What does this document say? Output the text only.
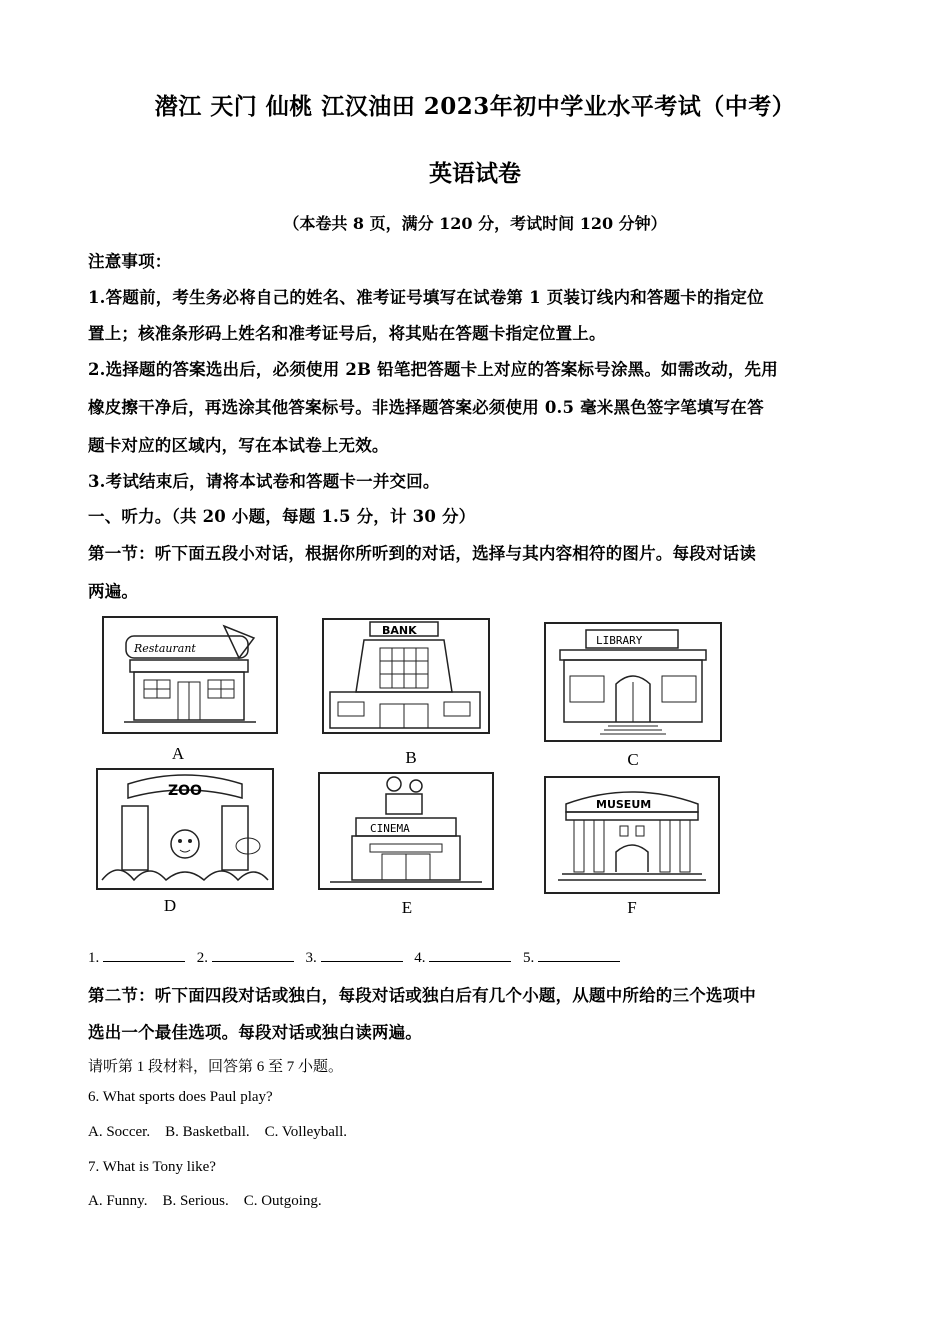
潜江 天门 仙桃 江汉油田 2023年初中学业水平考试（中考）
英语试卷
（本卷共 8 页，满分 120 分，考试时间 120 分钟）
注意事项：
1.答题前，考生务必将自己的姓名、准考证号填写在试卷第 1 页装订线内和答题卡的指定位
置上；核准条形码上姓名和准考证号后，将其贴在答题卡指定位置上。
2.选择题的答案选出后，必须使用 2B 铅笔把答题卡上对应的答案标号涂黑。如需改动，先用
橡皮擦干净后，再选涂其他答案标号。非选择题答案必须使用 0.5 毫米黑色签字笔填写在答
题卡对应的区域内，写在本试卷上无效。
3.考试结束后，请将本试卷和答题卡一并交回。
一、听力。（共 20 小题，每题 1.5 分，计 30 分）
第一节：听下面五段小对话，根据你所听到的对话，选择与其内容相符的图片。每段对话读
两遍。
Restaurant
A
BANK
B
LIBRARY
C
ZOO
D
CINEMA
E
MUSEUM
F
1.	2.	3.	4.	5.
第二节：听下面四段对话或独白，每段对话或独白后有几个小题，从题中所给的三个选项中
选出一个最佳选项。每段对话或独白读两遍。
请听第 1 段材料，回答第 6 至 7 小题。
6. What sports does Paul play?
A. Soccer.    B. Basketball.    C. Volleyball.
7. What is Tony like?
A. Funny.    B. Serious.    C. Outgoing.
